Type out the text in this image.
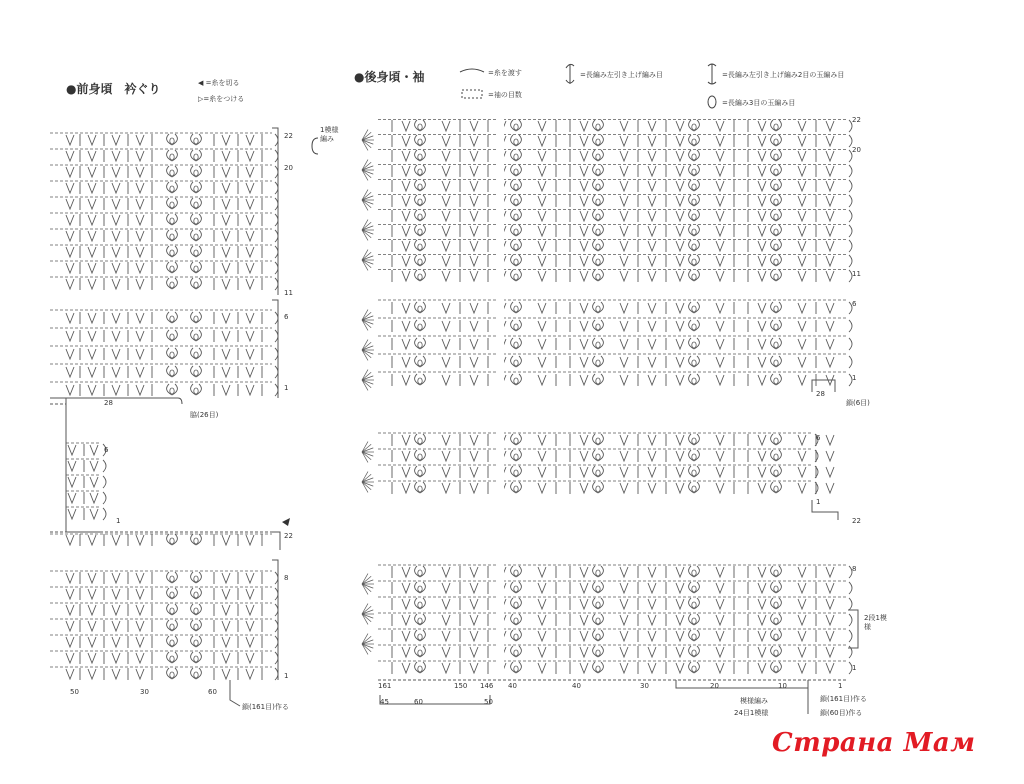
●前身頃　衿ぐり	◀ =糸を切る
▷=糸をつける
●後身頃・袖	=糸を渡す
=袖の目数
=長編み左引き上げ編み目	=長編み左引き上げ編み2目の玉編み目
=長編み3目の玉編み目
1模様編み
22
20
11
6
1
28
脇(26目)
6
1
22
8
1
50	30	60
鎖(161目)作る
22
20
11
6
1
28
鎖(6目)
6
1
22
8
1
2段1模様
161	150 146 40	40	30	20	10	1
45	60	50	模様編み
24目1模様
鎖(161目)作る
鎖(60目)作る
Страна Мам
